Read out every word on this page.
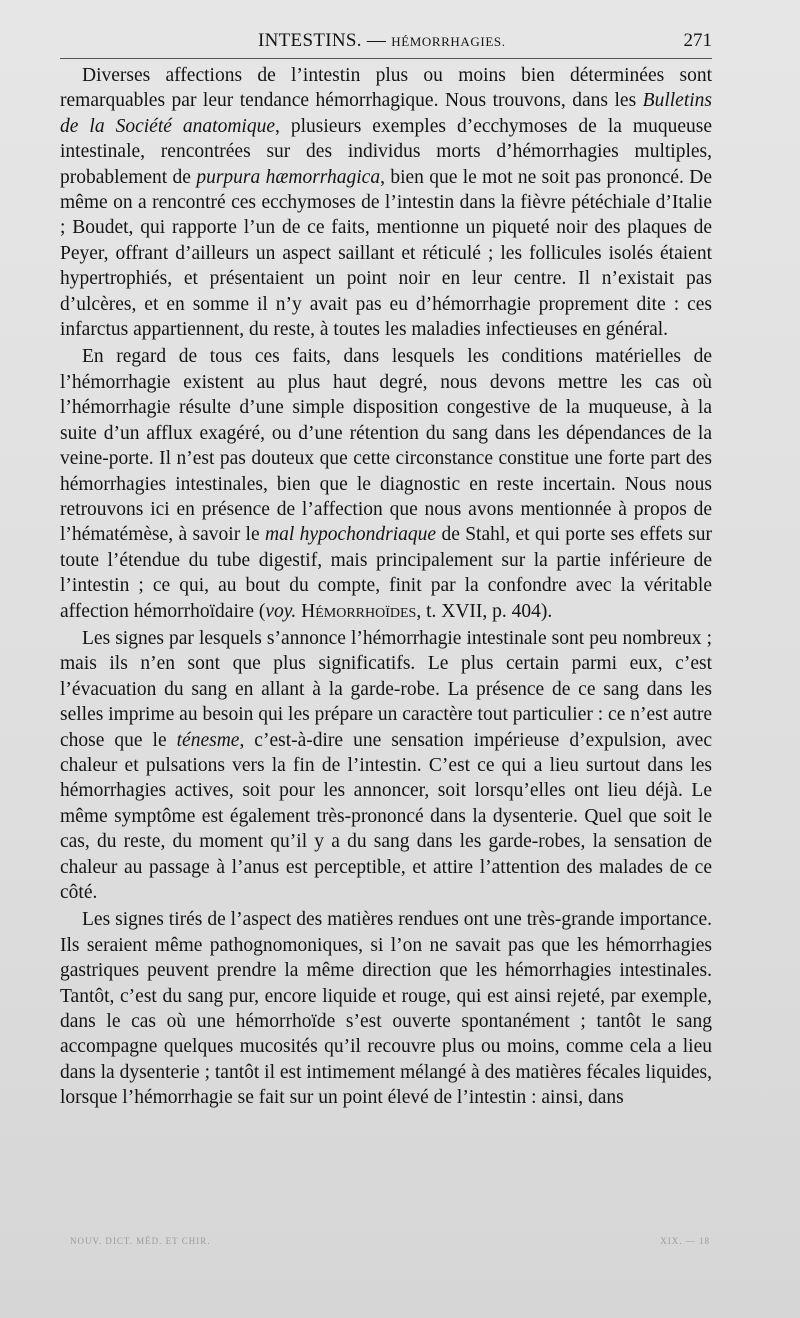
INTESTINS. — HÉMORRHAGIES.	271

Diverses affections de l’intestin plus ou moins bien déterminées sont remarquables par leur tendance hémorrhagique. Nous trouvons, dans les Bulletins de la Société anatomique, plusieurs exemples d’ecchymoses de la muqueuse intestinale, rencontrées sur des individus morts d’hémorrhagies multiples, probablement de purpura hæmorrhagica, bien que le mot ne soit pas prononcé. De même on a rencontré ces ecchymoses de l’intestin dans la fièvre pétéchiale d’Italie ; Boudet, qui rapporte l’un de ce faits, mentionne un piqueté noir des plaques de Peyer, offrant d’ailleurs un aspect saillant et réticulé ; les follicules isolés étaient hypertrophiés, et présentaient un point noir en leur centre. Il n’existait pas d’ulcères, et en somme il n’y avait pas eu d’hémorrhagie proprement dite : ces infarctus appartiennent, du reste, à toutes les maladies infectieuses en général.

En regard de tous ces faits, dans lesquels les conditions matérielles de l’hémorrhagie existent au plus haut degré, nous devons mettre les cas où l’hémorrhagie résulte d’une simple disposition congestive de la muqueuse, à la suite d’un afflux exagéré, ou d’une rétention du sang dans les dépendances de la veine-porte. Il n’est pas douteux que cette circonstance constitue une forte part des hémorrhagies intestinales, bien que le diagnostic en reste incertain. Nous nous retrouvons ici en présence de l’affection que nous avons mentionnée à propos de l’hématémèse, à savoir le mal hypochondriaque de Stahl, et qui porte ses effets sur toute l’étendue du tube digestif, mais principalement sur la partie inférieure de l’intestin ; ce qui, au bout du compte, finit par la confondre avec la véritable affection hémorrhoïdaire (voy. Hémorrhoïdes, t. XVII, p. 404).

Les signes par lesquels s’annonce l’hémorrhagie intestinale sont peu nombreux ; mais ils n’en sont que plus significatifs. Le plus certain parmi eux, c’est l’évacuation du sang en allant à la garde-robe. La présence de ce sang dans les selles imprime au besoin qui les prépare un caractère tout particulier : ce n’est autre chose que le ténesme, c’est-à-dire une sensation impérieuse d’expulsion, avec chaleur et pulsations vers la fin de l’intestin. C’est ce qui a lieu surtout dans les hémorrhagies actives, soit pour les annoncer, soit lorsqu’elles ont lieu déjà. Le même symptôme est également très-prononcé dans la dysenterie. Quel que soit le cas, du reste, du moment qu’il y a du sang dans les garde-robes, la sensation de chaleur au passage à l’anus est perceptible, et attire l’attention des malades de ce côté.

Les signes tirés de l’aspect des matières rendues ont une très-grande importance. Ils seraient même pathognomoniques, si l’on ne savait pas que les hémorrhagies gastriques peuvent prendre la même direction que les hémorrhagies intestinales. Tantôt, c’est du sang pur, encore liquide et rouge, qui est ainsi rejeté, par exemple, dans le cas où une hémorrhoïde s’est ouverte spontanément ; tantôt le sang accompagne quelques mucosités qu’il recouvre plus ou moins, comme cela a lieu dans la dysenterie ; tantôt il est intimement mélangé à des matières fécales liquides, lorsque l’hémorrhagie se fait sur un point élevé de l’intestin : ainsi, dans

NOUV. DICT. MÉD. ET CHIR.	XIX. — 18
